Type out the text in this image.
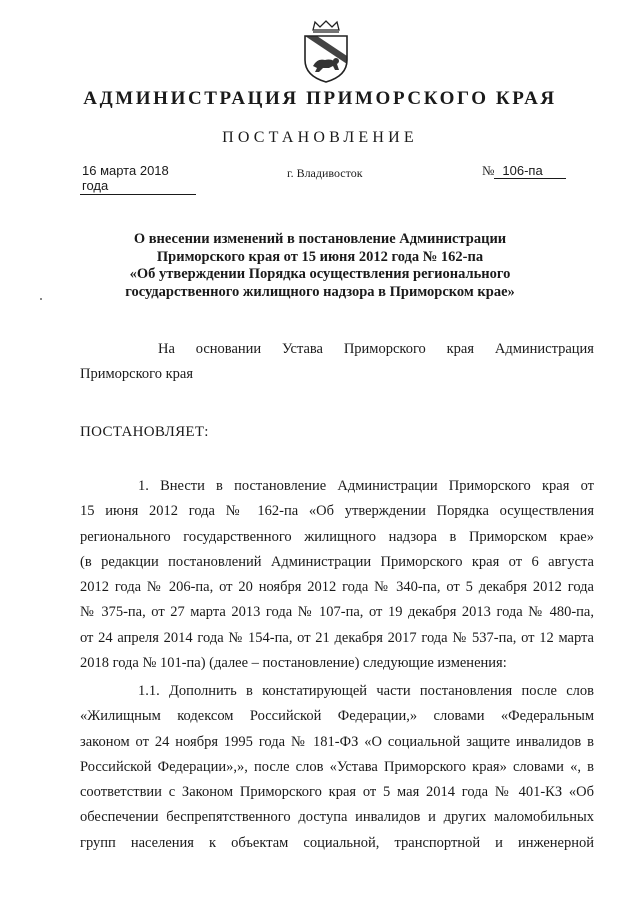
АДМИНИСТРАЦИЯ ПРИМОРСКОГО КРАЯ
ПОСТАНОВЛЕНИЕ
16 марта 2018 года
г. Владивосток	№ 106-па
О внесении изменений в постановление Администрации
Приморского края от 15 июня 2012 года № 162-па
«Об утверждении Порядка осуществления регионального
государственного жилищного надзора в Приморском крае»
На основании Устава Приморского края Администрация
Приморского края
ПОСТАНОВЛЯЕТ:
1. Внести в постановление Администрации Приморского края от
15 июня 2012 года № 162-па «Об утверждении Порядка осуществления
регионального государственного жилищного надзора в Приморском крае»
(в редакции постановлений Администрации Приморского края от 6 августа
2012 года № 206-па, от 20 ноября 2012 года № 340-па, от 5 декабря 2012 года
№ 375-па, от 27 марта 2013 года № 107-па, от 19 декабря 2013 года № 480-па,
от 24 апреля 2014 года № 154-па, от 21 декабря 2017 года № 537-па, от 12 марта
2018 года № 101-па) (далее – постановление) следующие изменения:
1.1. Дополнить в констатирующей части постановления после слов
«Жилищным кодексом Российской Федерации,» словами «Федеральным
законом от 24 ноября 1995 года № 181-ФЗ «О социальной защите инвалидов в
Российской Федерации»,», после слов «Устава Приморского края» словами «, в
соответствии с Законом Приморского края от 5 мая 2014 года № 401-КЗ «Об
обеспечении беспрепятственного доступа инвалидов и других маломобильных
групп населения к объектам социальной, транспортной и инженерной
